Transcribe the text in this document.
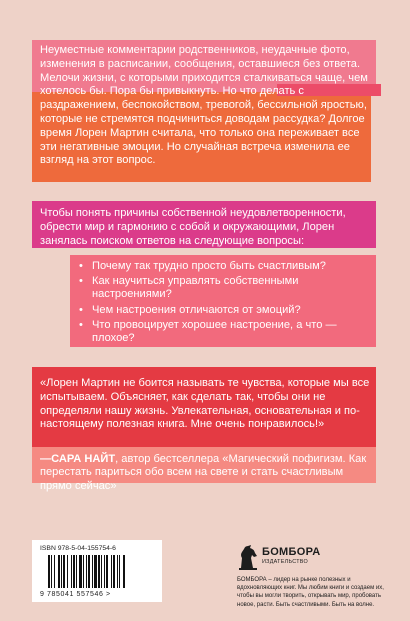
Неуместные комментарии родственников, неудачные фото, изменения в расписании, сообщения, оставшиеся без ответа. Мелочи жизни, с которыми приходится сталкиваться чаще, чем хотелось бы. Пора бы привыкнуть. Но что делать с раздражением, беспокойством, тревогой, бессильной яростью, которые не стремятся подчиниться доводам рассудка? Долгое время Лорен Мартин считала, что только она переживает все эти негативные эмоции. Но случайная встреча изменила ее взгляд на этот вопрос.
Чтобы понять причины собственной неудовлетворенности, обрести мир и гармонию с собой и окружающими, Лорен занялась поиском ответов на следующие вопросы:
• Почему так трудно просто быть счастливым?
• Как научиться управлять собственными настроениями?
• Чем настроения отличаются от эмоций?
• Что провоцирует хорошее настроение, а что — плохое?
«Лорен Мартин не боится называть те чувства, которые мы все испытываем. Объясняет, как сделать так, чтобы они не определяли нашу жизнь. Увлекательная, основательная и по-настоящему полезная книга. Мне очень понравилось!»
—САРА НАЙТ, автор бестселлера «Магический пофигизм. Как перестать париться обо всем на свете и стать счастливым прямо сейчас»
ISBN 978-5-04-155754-6
9 785041 557546 >
БОМБОРА
ИЗДАТЕЛЬСТВО
БОМБОРА – лидер на рынке полезных и вдохновляющих книг. Мы любим книги и создаем их, чтобы вы могли творить, открывать мир, пробовать новое, расти. Быть счастливыми. Быть на волне.
